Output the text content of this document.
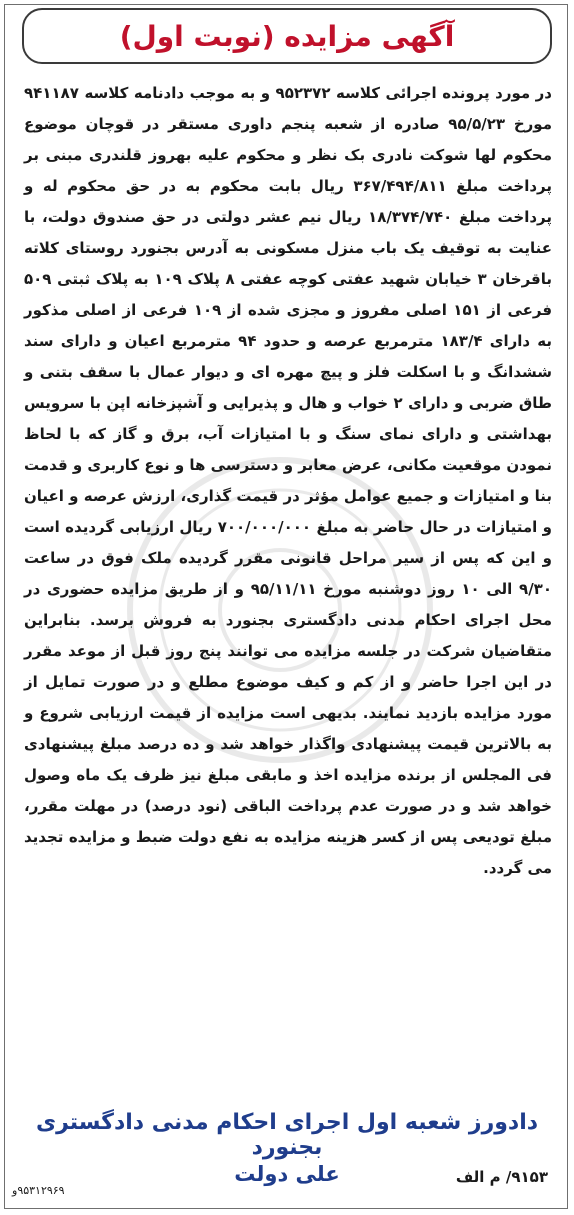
آگهی مزایده (نوبت اول)

در مورد پرونده اجرائی کلاسه ۹۵۲۳۷۲ و به موجب دادنامه کلاسه ۹۴۱۱۸۷ مورخ ۹۵/۵/۲۳ صادره از شعبه پنجم داوری مستقر در قوچان موضوع محکوم لها شوکت نادری بک نظر و محکوم علیه بهروز قلندری مبنی بر پرداخت مبلغ ۳۶۷/۴۹۴/۸۱۱ ریال بابت محکوم به در حق محکوم له و پرداخت مبلغ ۱۸/۳۷۴/۷۴۰ ریال نیم عشر دولتی در حق صندوق دولت، با عنایت به توقیف یک باب منزل مسکونی به آدرس بجنورد روستای کلاته باقرخان ۳ خیابان شهید عفتی کوچه عفتی ۸ پلاک ۱۰۹ به پلاک ثبتی ۵۰۹ فرعی از ۱۵۱ اصلی مفروز و مجزی شده از ۱۰۹ فرعی از اصلی مذکور به دارای ۱۸۳/۴ مترمربع عرصه و حدود ۹۴ مترمربع اعیان و دارای سند ششدانگ و با اسکلت فلز و پیچ مهره ای و دیوار عمال با سقف بتنی و طاق ضربی و دارای ۲ خواب و هال و پذیرایی و آشپزخانه اپن با سرویس بهداشتی و دارای نمای سنگ و با امتیازات آب، برق و گاز که با لحاظ نمودن موقعیت مکانی، عرض معابر و دسترسی ها و نوع کاربری و قدمت بنا و امتیازات و جمیع عوامل مؤثر در قیمت گذاری، ارزش عرصه و اعیان و امتیازات در حال حاضر به مبلغ ۷۰۰/۰۰۰/۰۰۰ ریال ارزیابی گردیده است و این که پس از سیر مراحل قانونی مقرر گردیده ملک فوق در ساعت ۹/۳۰ الی ۱۰ روز دوشنبه مورخ ۹۵/۱۱/۱۱ و از طریق مزایده حضوری در محل اجرای احکام مدنی دادگستری بجنورد به فروش برسد. بنابراین متقاضیان شرکت در جلسه مزایده می توانند پنج روز قبل از موعد مقرر در این اجرا حاضر و از کم و کیف موضوع مطلع و در صورت تمایل از مورد مزایده بازدید نمایند. بدیهی است مزایده از قیمت ارزیابی شروع و به بالاترین قیمت پیشنهادی واگذار خواهد شد و ده درصد مبلغ پیشنهادی فی المجلس از برنده مزایده اخذ و مابقی مبلغ نیز ظرف یک ماه وصول خواهد شد و در صورت عدم پرداخت الباقی (نود درصد) در مهلت مقرر، مبلغ تودیعی پس از کسر هزینه مزایده به نفع دولت ضبط و مزایده تجدید می گردد.

دادورز شعبه اول اجرای احکام مدنی دادگستری بجنورد

علی دولت	۹۱۵۳/ م الف
۹۵۳۱۲۹۶۹و
